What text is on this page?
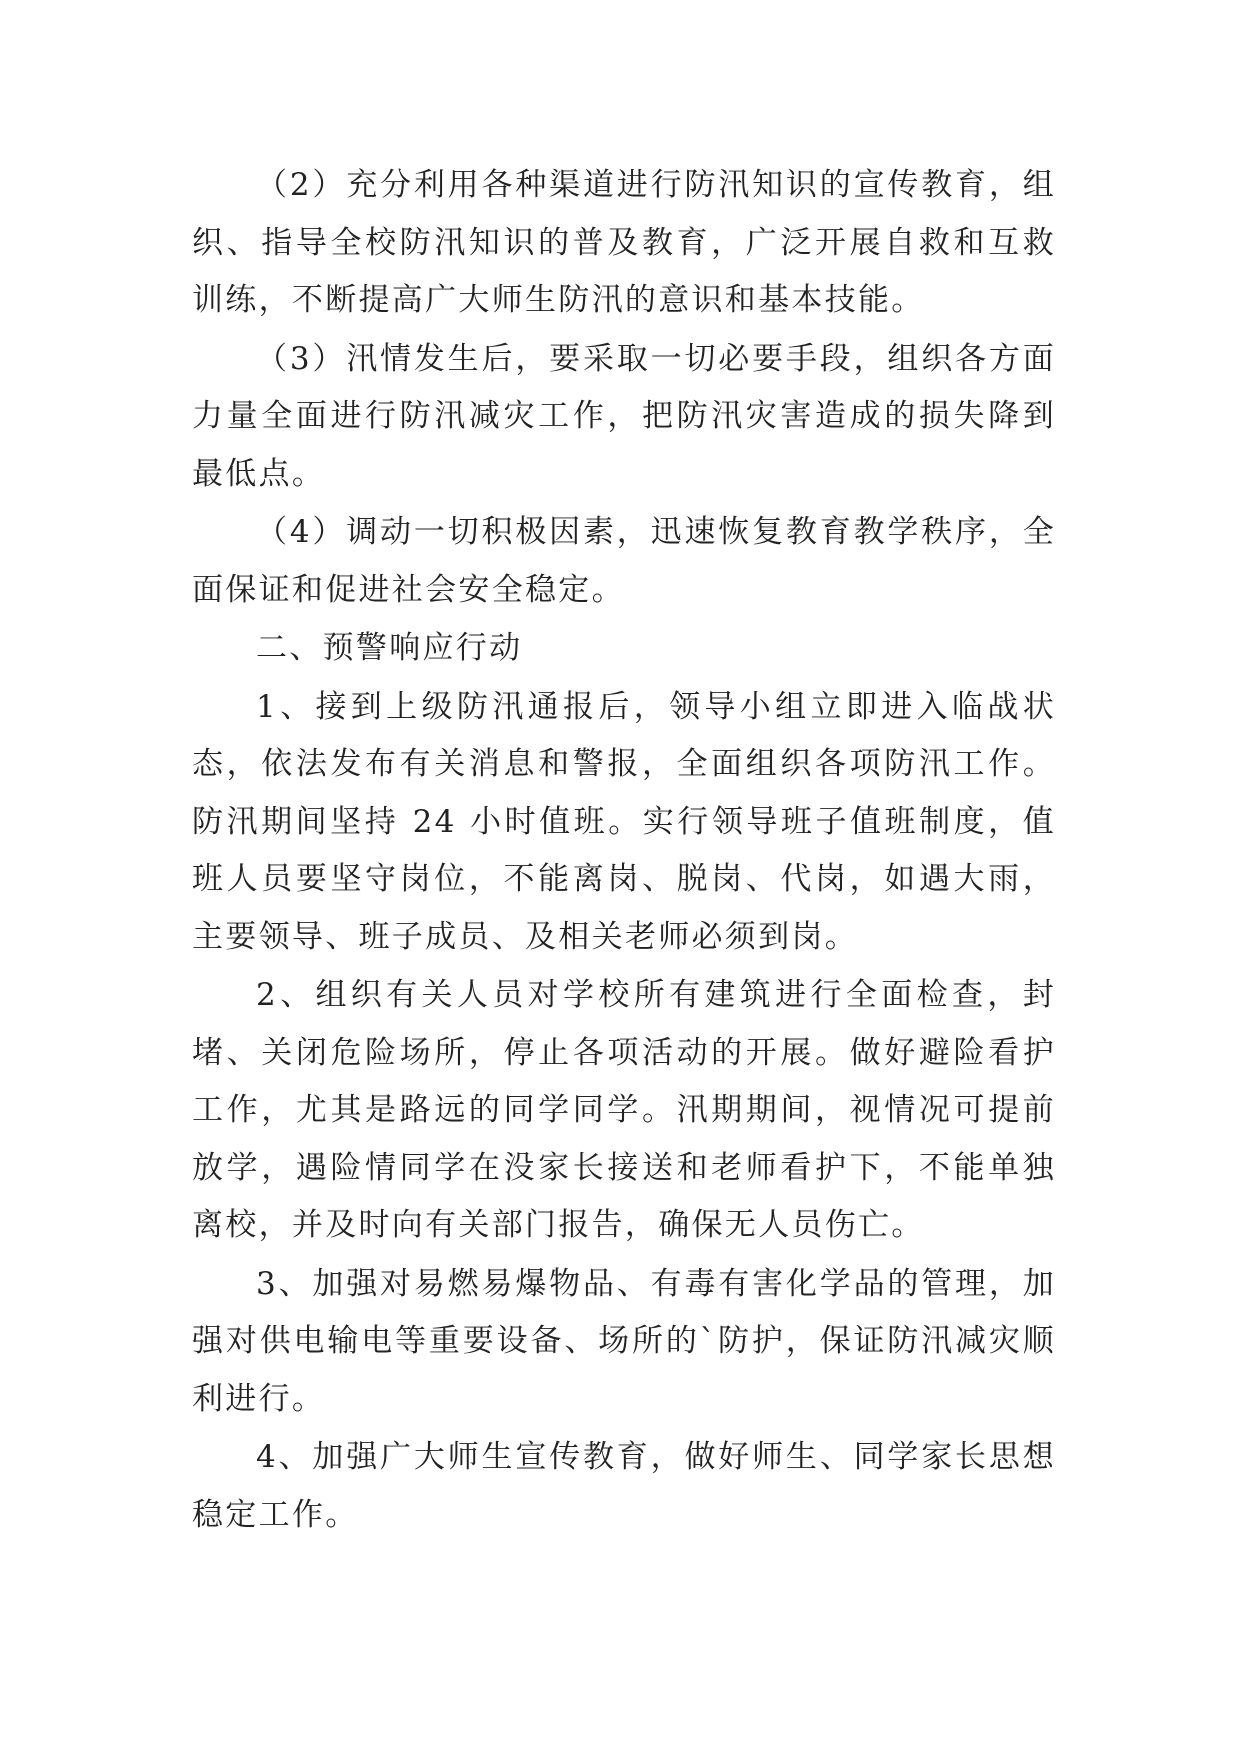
（2）充分利用各种渠道进行防汛知识的宣传教育，组织、指导全校防汛知识的普及教育，广泛开展自救和互救训练，不断提高广大师生防汛的意识和基本技能。

（3）汛情发生后，要采取一切必要手段，组织各方面力量全面进行防汛减灾工作，把防汛灾害造成的损失降到最低点。

（4）调动一切积极因素，迅速恢复教育教学秩序，全面保证和促进社会安全稳定。

二、预警响应行动

1、接到上级防汛通报后，领导小组立即进入临战状态，依法发布有关消息和警报，全面组织各项防汛工作。防汛期间坚持 24 小时值班。实行领导班子值班制度，值班人员要坚守岗位，不能离岗、脱岗、代岗，如遇大雨，主要领导、班子成员、及相关老师必须到岗。

2、组织有关人员对学校所有建筑进行全面检查，封堵、关闭危险场所，停止各项活动的开展。做好避险看护工作，尤其是路远的同学同学。汛期期间，视情况可提前放学，遇险情同学在没家长接送和老师看护下，不能单独离校，并及时向有关部门报告，确保无人员伤亡。

3、加强对易燃易爆物品、有毒有害化学品的管理，加强对供电输电等重要设备、场所的`防护，保证防汛减灾顺利进行。

4、加强广大师生宣传教育，做好师生、同学家长思想稳定工作。
